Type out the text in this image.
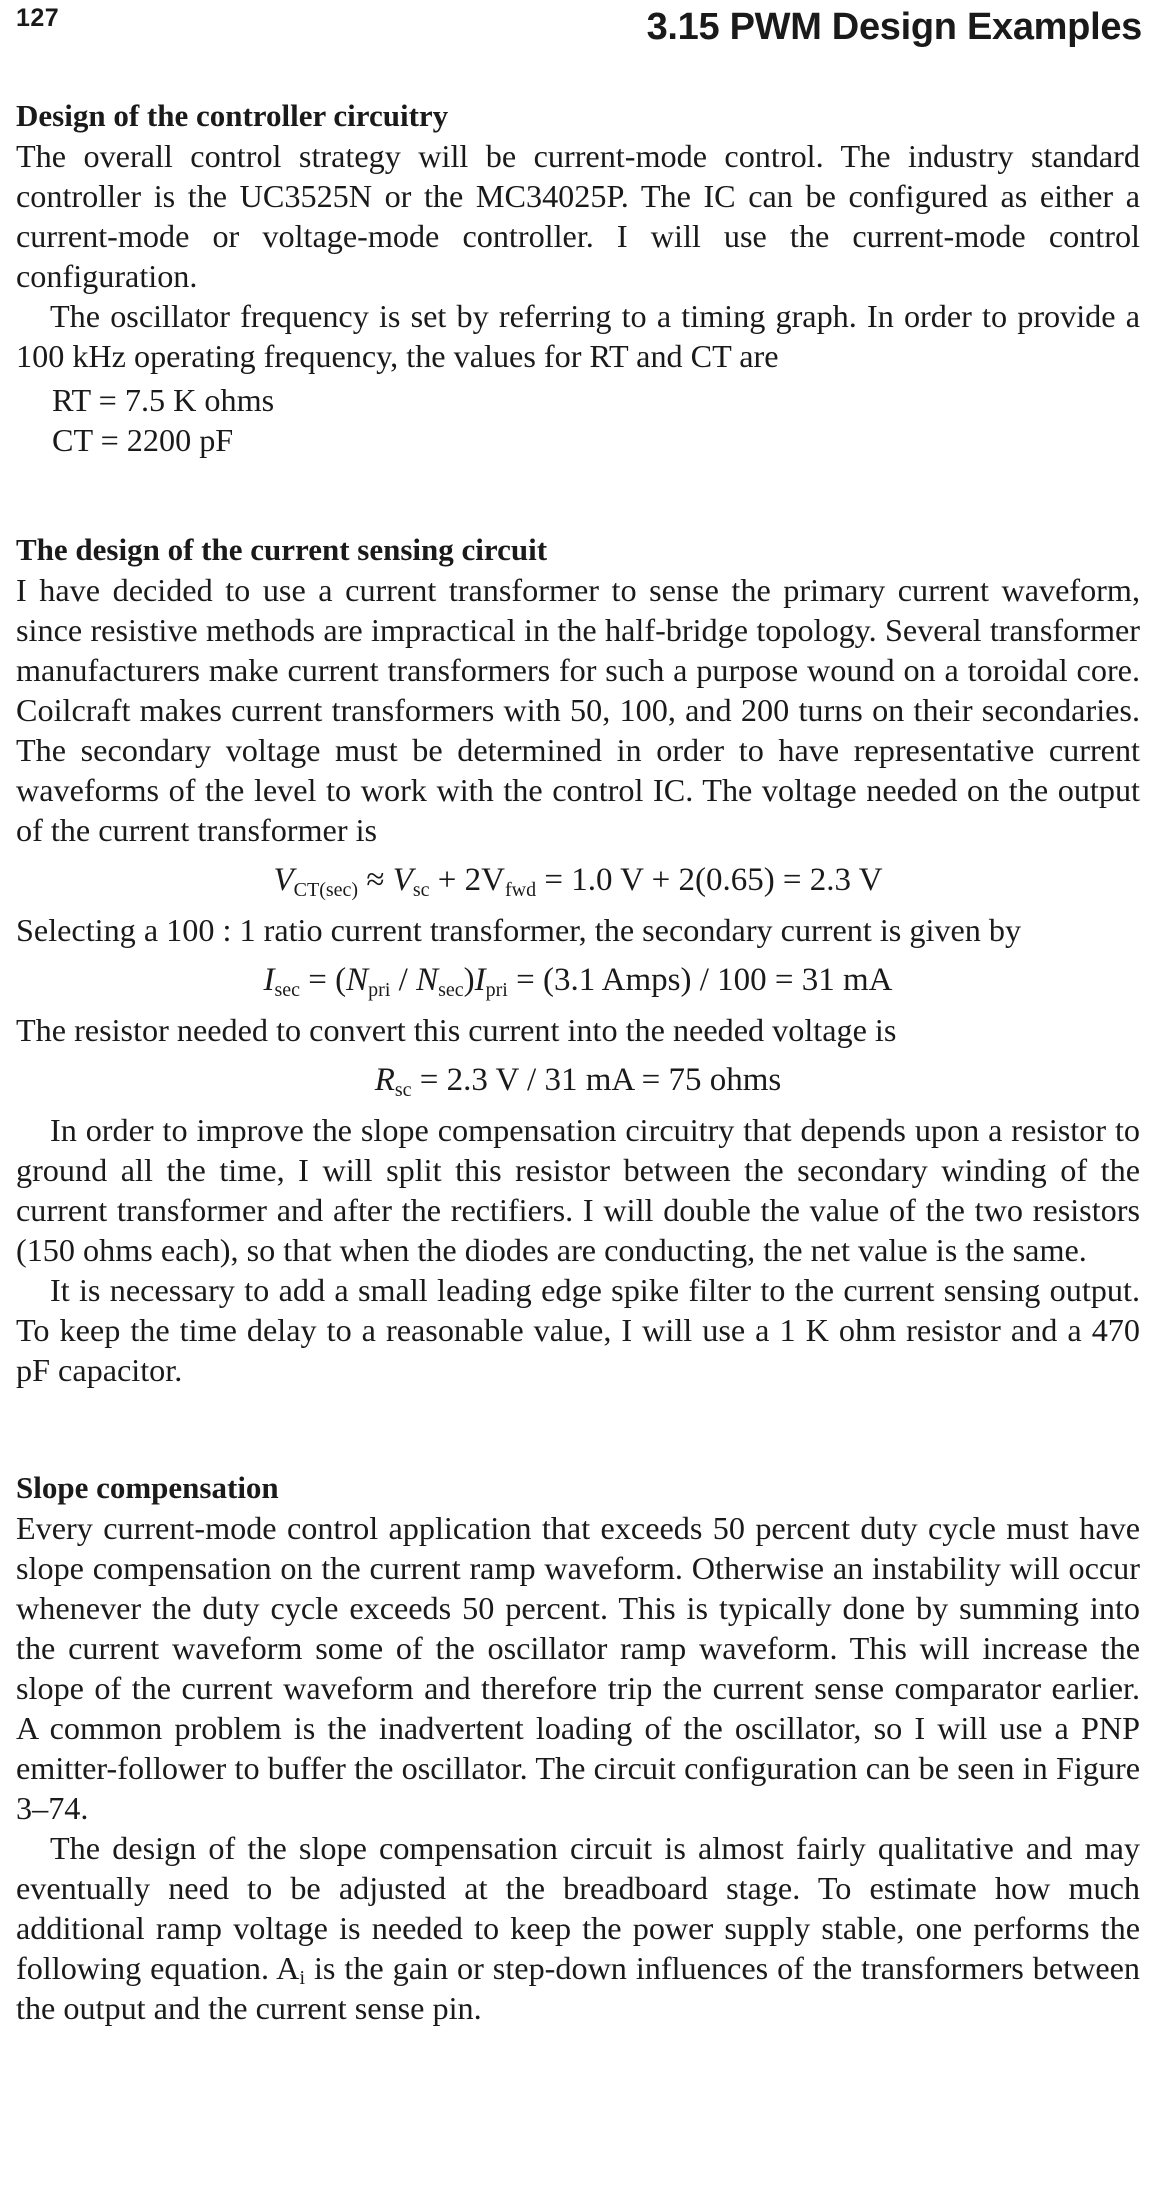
127	3.15 PWM Design Examples
Design of the controller circuitry

The overall control strategy will be current-mode control. The industry standard controller is the UC3525N or the MC34025P. The IC can be configured as either a current-mode or voltage-mode controller. I will use the current-mode control configuration.

The oscillator frequency is set by referring to a timing graph. In order to provide a 100 kHz operating frequency, the values for RT and CT are

RT = 7.5 K ohms
CT = 2200 pF
The design of the current sensing circuit

I have decided to use a current transformer to sense the primary current waveform, since resistive methods are impractical in the half-bridge topology. Several transformer manufacturers make current transformers for such a purpose wound on a toroidal core. Coilcraft makes current transformers with 50, 100, and 200 turns on their secondaries. The secondary voltage must be determined in order to have representative current waveforms of the level to work with the control IC. The voltage needed on the output of the current transformer is

$V_{CT(sec)} \approx V_{sc} + 2V_{fwd} = 1.0$ V + 2(0.65) = 2.3 V

Selecting a 100 : 1 ratio current transformer, the secondary current is given by

$I_{sec} = (N_{pri} / N_{sec})I_{pri} = (3.1$ Amps) / 100 = 31 mA

The resistor needed to convert this current into the needed voltage is

$R_{sc} = 2.3$ V / 31 mA = 75 ohms

In order to improve the slope compensation circuitry that depends upon a resistor to ground all the time, I will split this resistor between the secondary winding of the current transformer and after the rectifiers. I will double the value of the two resistors (150 ohms each), so that when the diodes are conducting, the net value is the same.

It is necessary to add a small leading edge spike filter to the current sensing output. To keep the time delay to a reasonable value, I will use a 1 K ohm resistor and a 470 pF capacitor.

Slope compensation

Every current-mode control application that exceeds 50 percent duty cycle must have slope compensation on the current ramp waveform. Otherwise an instability will occur whenever the duty cycle exceeds 50 percent. This is typically done by summing into the current waveform some of the oscillator ramp waveform. This will increase the slope of the current waveform and therefore trip the current sense comparator earlier. A common problem is the inadvertent loading of the oscillator, so I will use a PNP emitter-follower to buffer the oscillator. The circuit configuration can be seen in Figure 3–74.

The design of the slope compensation circuit is almost fairly qualitative and may eventually need to be adjusted at the breadboard stage. To estimate how much additional ramp voltage is needed to keep the power supply stable, one performs the following equation. $A_i$ is the gain or step-down influences of the transformers between the output and the current sense pin.
